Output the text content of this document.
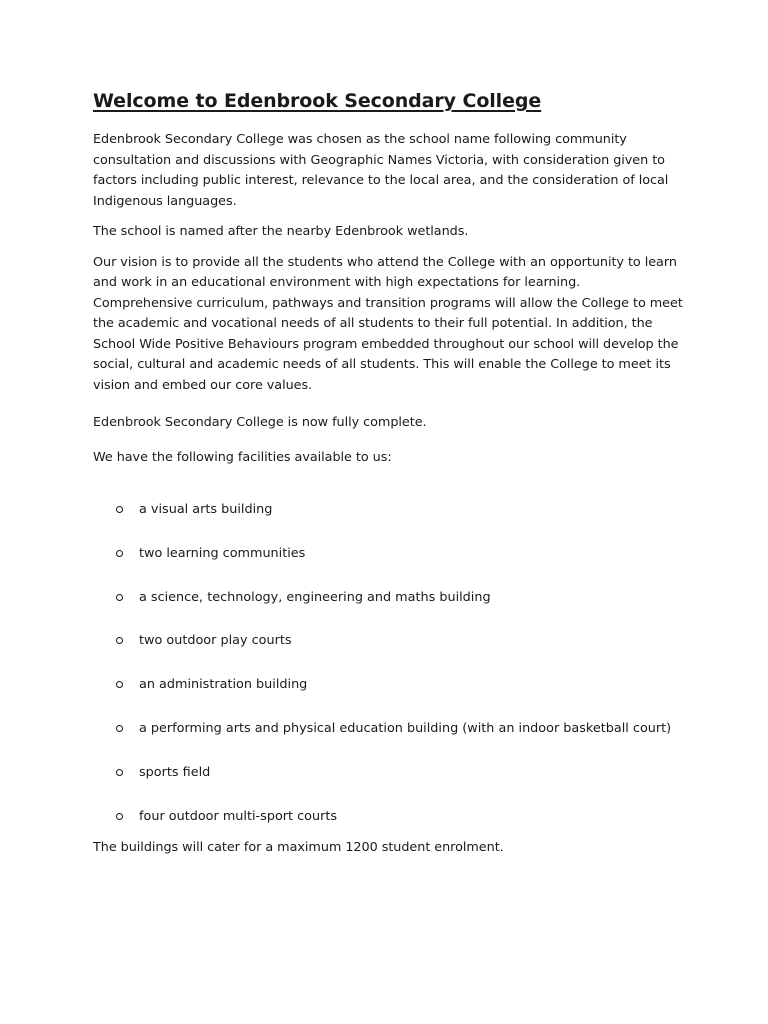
Welcome to Edenbrook Secondary College

Edenbrook Secondary College was chosen as the school name following community consultation and discussions with Geographic Names Victoria, with consideration given to factors including public interest, relevance to the local area, and the consideration of local Indigenous languages.

The school is named after the nearby Edenbrook wetlands.

Our vision is to provide all the students who attend the College with an opportunity to learn and work in an educational environment with high expectations for learning. Comprehensive curriculum, pathways and transition programs will allow the College to meet the academic and vocational needs of all students to their full potential. In addition, the School Wide Positive Behaviours program embedded throughout our school will develop the social, cultural and academic needs of all students. This will enable the College to meet its vision and embed our core values.

Edenbrook Secondary College is now fully complete.

We have the following facilities available to us:

a visual arts building
two learning communities
a science, technology, engineering and maths building
two outdoor play courts
an administration building
a performing arts and physical education building (with an indoor basketball court)
sports field
four outdoor multi-sport courts

The buildings will cater for a maximum 1200 student enrolment.
